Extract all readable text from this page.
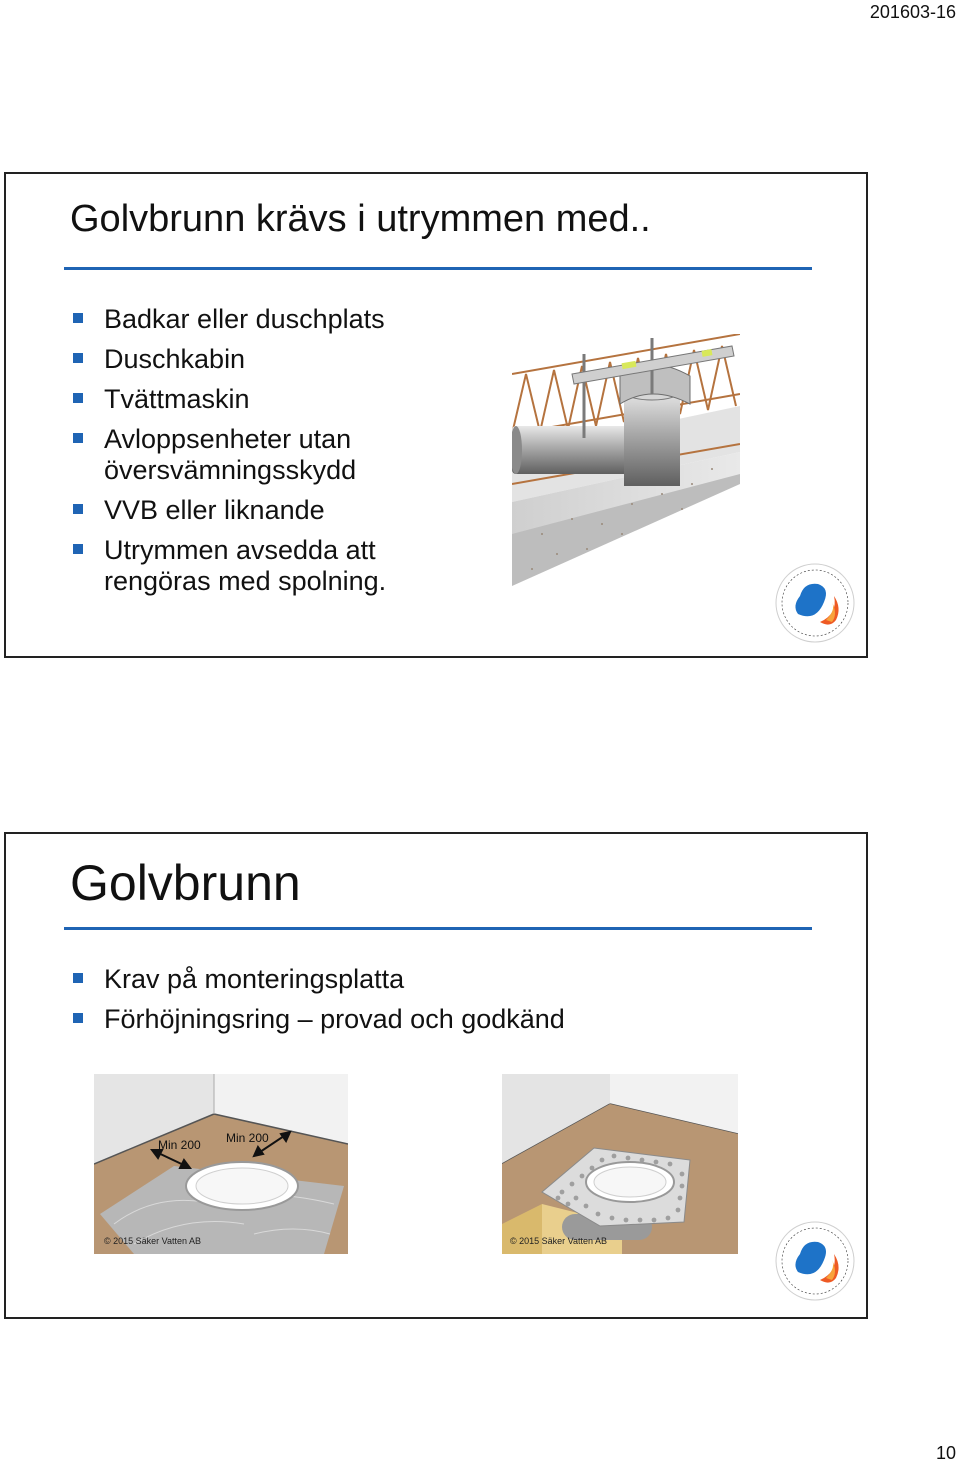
201603-16
Golvbrunn krävs i utrymmen med..
Badkar eller duschplats
Duschkabin
Tvättmaskin
Avloppsenheter utan översvämningsskydd
VVB eller liknande
Utrymmen avsedda att rengöras med spolning.
Golvbrunn
Krav på monteringsplatta
Förhöjningsring – provad och godkänd
Min 200 Min 200
© 2015 Säker Vatten AB	© 2015 Säker Vatten AB
10
